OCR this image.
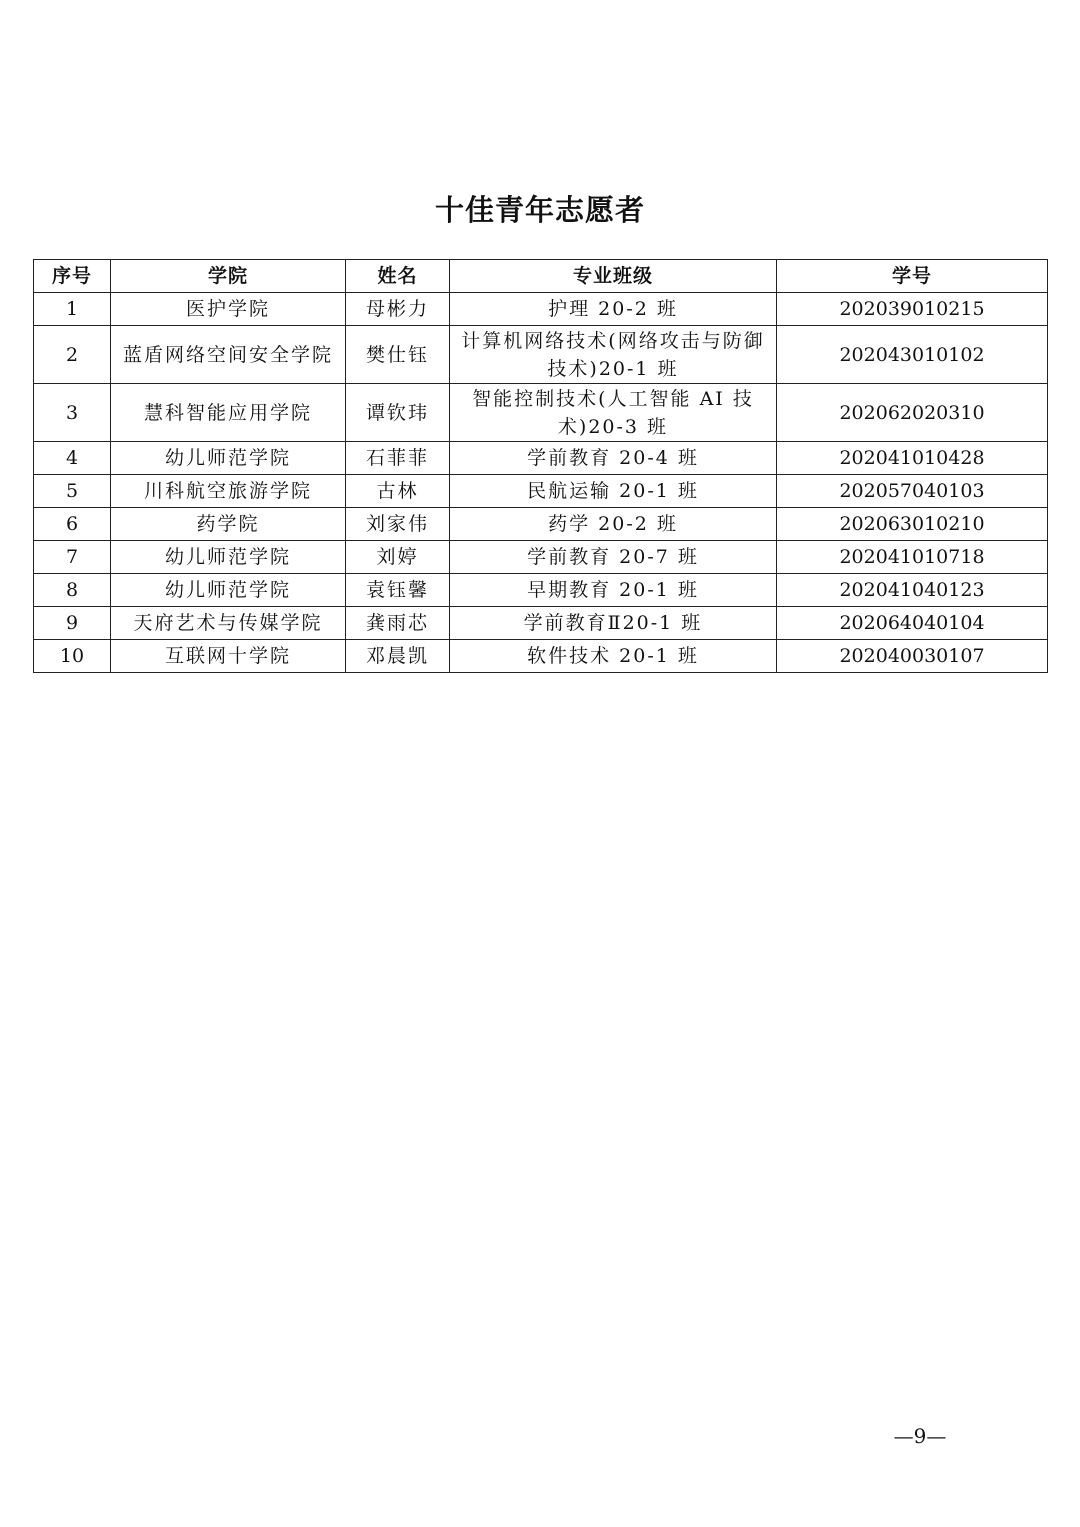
十佳青年志愿者
序号	学院	姓名	专业班级	学号
1	医护学院	母彬力	护理 20-2 班	202039010215
2	蓝盾网络空间安全学院	樊仕钰	计算机网络技术(网络攻击与防御技术)20-1 班	202043010102
3	慧科智能应用学院	谭钦玮	智能控制技术(人工智能 AI 技术)20-3 班	202062020310
4	幼儿师范学院	石菲菲	学前教育 20-4 班	202041010428
5	川科航空旅游学院	古林	民航运输 20-1 班	202057040103
6	药学院	刘家伟	药学 20-2 班	202063010210
7	幼儿师范学院	刘婷	学前教育 20-7 班	202041010718
8	幼儿师范学院	袁钰馨	早期教育 20-1 班	202041040123
9	天府艺术与传媒学院	龚雨芯	学前教育Ⅱ20-1 班	202064040104
10	互联网十学院	邓晨凯	软件技术 20-1 班	202040030107
—9—
